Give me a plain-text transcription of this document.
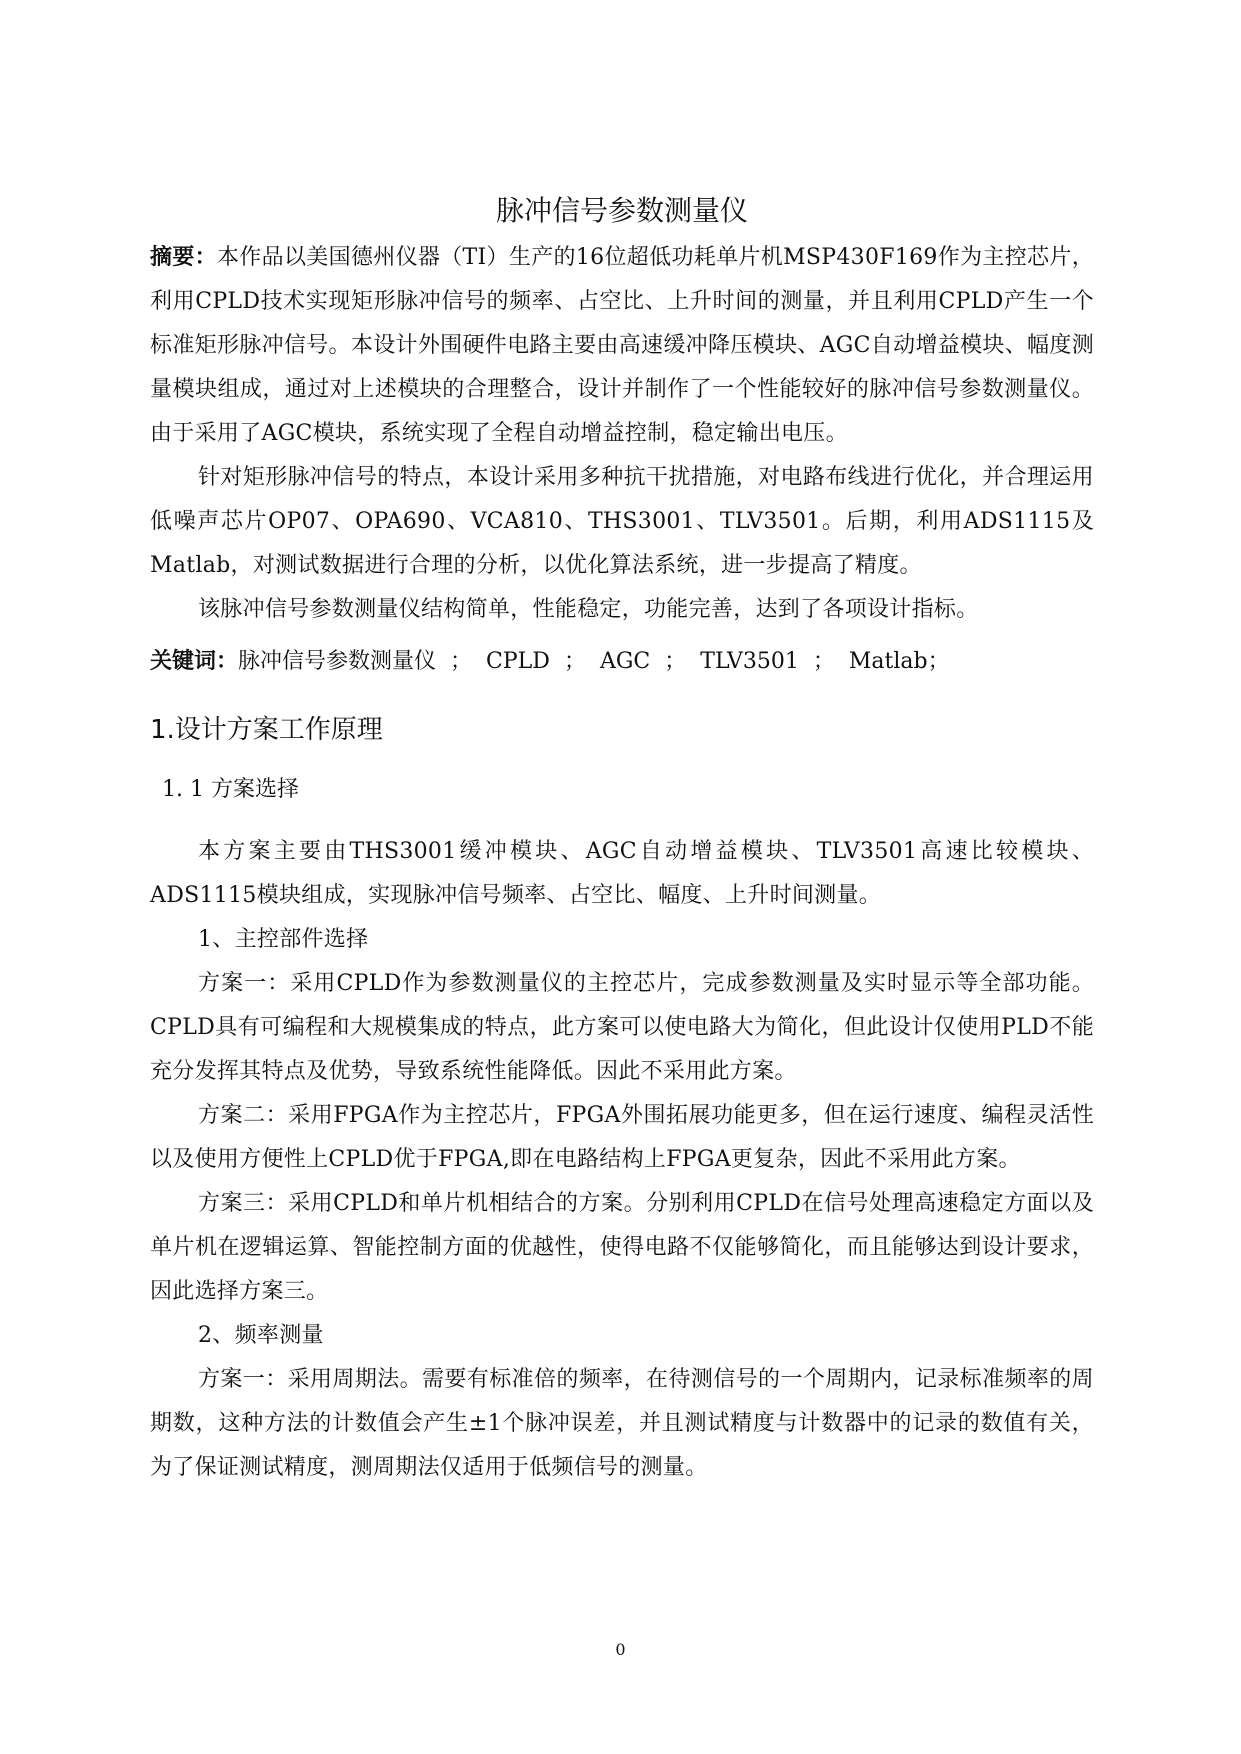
脉冲信号参数测量仪

摘要：本作品以美国德州仪器（TI）生产的16位超低功耗单片机MSP430F169作为主控芯片，利用CPLD技术实现矩形脉冲信号的频率、占空比、上升时间的测量，并且利用CPLD产生一个标准矩形脉冲信号。本设计外围硬件电路主要由高速缓冲降压模块、AGC自动增益模块、幅度测量模块组成，通过对上述模块的合理整合，设计并制作了一个性能较好的脉冲信号参数测量仪。由于采用了AGC模块，系统实现了全程自动增益控制，稳定输出电压。

针对矩形脉冲信号的特点，本设计采用多种抗干扰措施，对电路布线进行优化，并合理运用低噪声芯片OP07、OPA690、VCA810、THS3001、TLV3501。后期，利用ADS1115及Matlab，对测试数据进行合理的分析，以优化算法系统，进一步提高了精度。

该脉冲信号参数测量仪结构简单，性能稳定，功能完善，达到了各项设计指标。

关键词：脉冲信号参数测量仪 ； CPLD ； AGC ； TLV3501 ； Matlab；

1.设计方案工作原理
1. 1 方案选择

本方案主要由THS3001缓冲模块、AGC自动增益模块、TLV3501高速比较模块、ADS1115模块组成，实现脉冲信号频率、占空比、幅度、上升时间测量。

1、主控部件选择

方案一：采用CPLD作为参数测量仪的主控芯片，完成参数测量及实时显示等全部功能。CPLD具有可编程和大规模集成的特点，此方案可以使电路大为简化，但此设计仅使用PLD不能充分发挥其特点及优势，导致系统性能降低。因此不采用此方案。

方案二：采用FPGA作为主控芯片，FPGA外围拓展功能更多，但在运行速度、编程灵活性以及使用方便性上CPLD优于FPGA,即在电路结构上FPGA更复杂，因此不采用此方案。

方案三：采用CPLD和单片机相结合的方案。分别利用CPLD在信号处理高速稳定方面以及单片机在逻辑运算、智能控制方面的优越性，使得电路不仅能够简化，而且能够达到设计要求，因此选择方案三。

2、频率测量

方案一：采用周期法。需要有标准倍的频率，在待测信号的一个周期内，记录标准频率的周期数，这种方法的计数值会产生±1个脉冲误差，并且测试精度与计数器中的记录的数值有关，为了保证测试精度，测周期法仅适用于低频信号的测量。

0
